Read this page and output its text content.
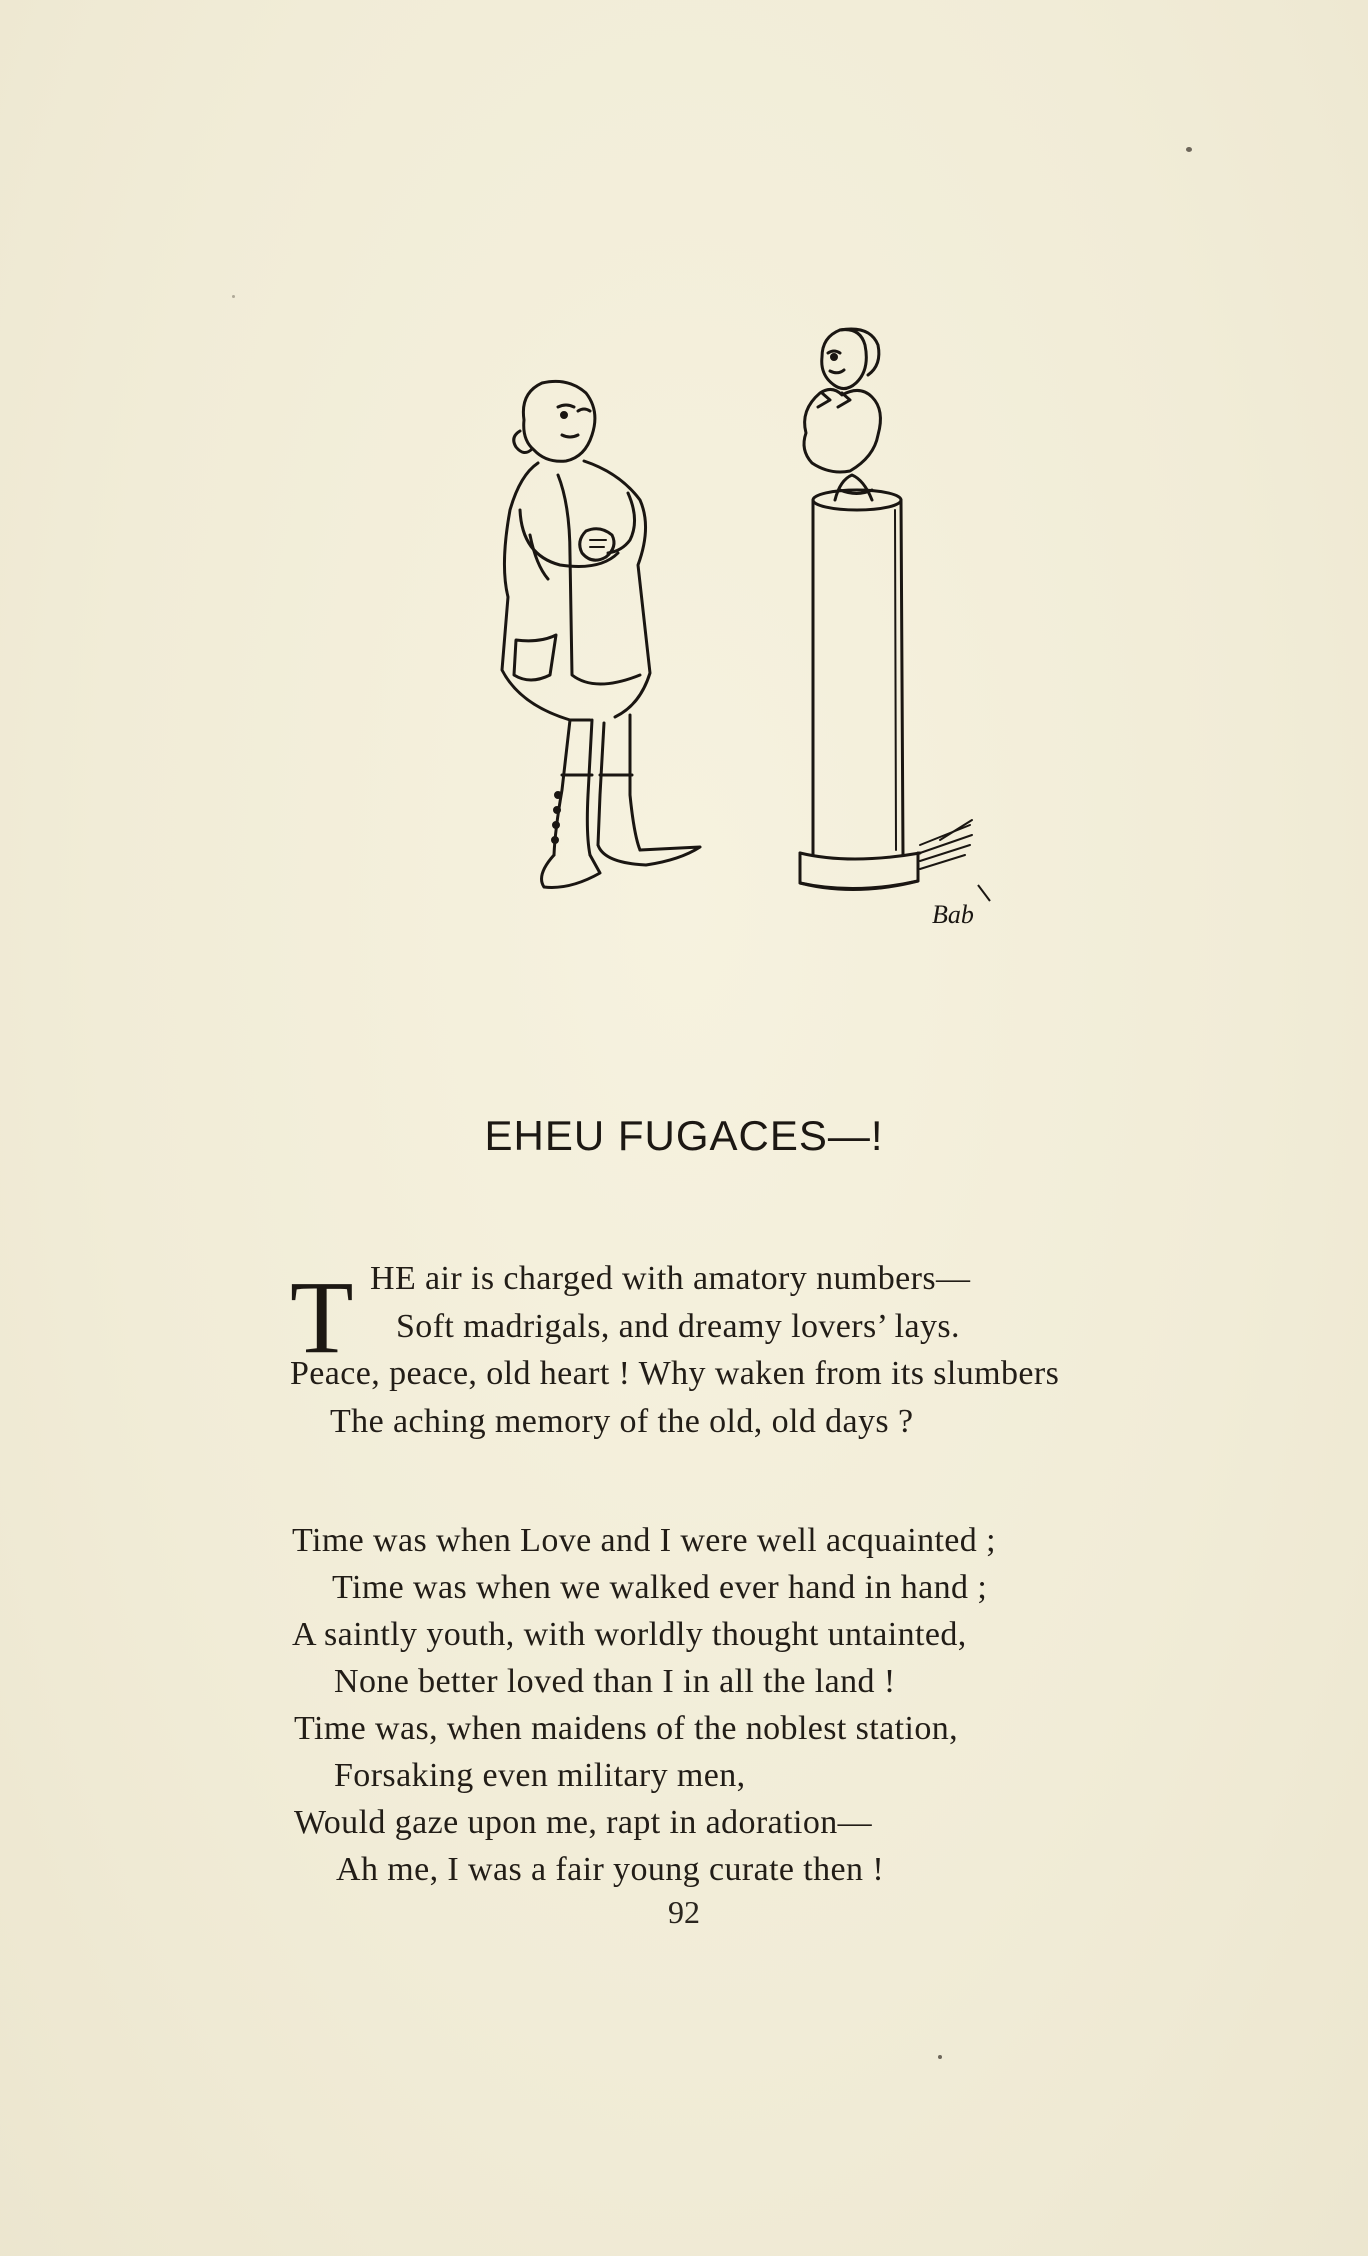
Bab
EHEU FUGACES—!
T HE air is charged with amatory numbers—
Soft madrigals, and dreamy lovers’ lays.
Peace, peace, old heart ! Why waken from its slumbers
The aching memory of the old, old days ?
Time was when Love and I were well acquainted ;
Time was when we walked ever hand in hand ;
A saintly youth, with worldly thought untainted,
None better loved than I in all the land !
Time was, when maidens of the noblest station,
Forsaking even military men,
Would gaze upon me, rapt in adoration—
Ah me, I was a fair young curate then !
92
